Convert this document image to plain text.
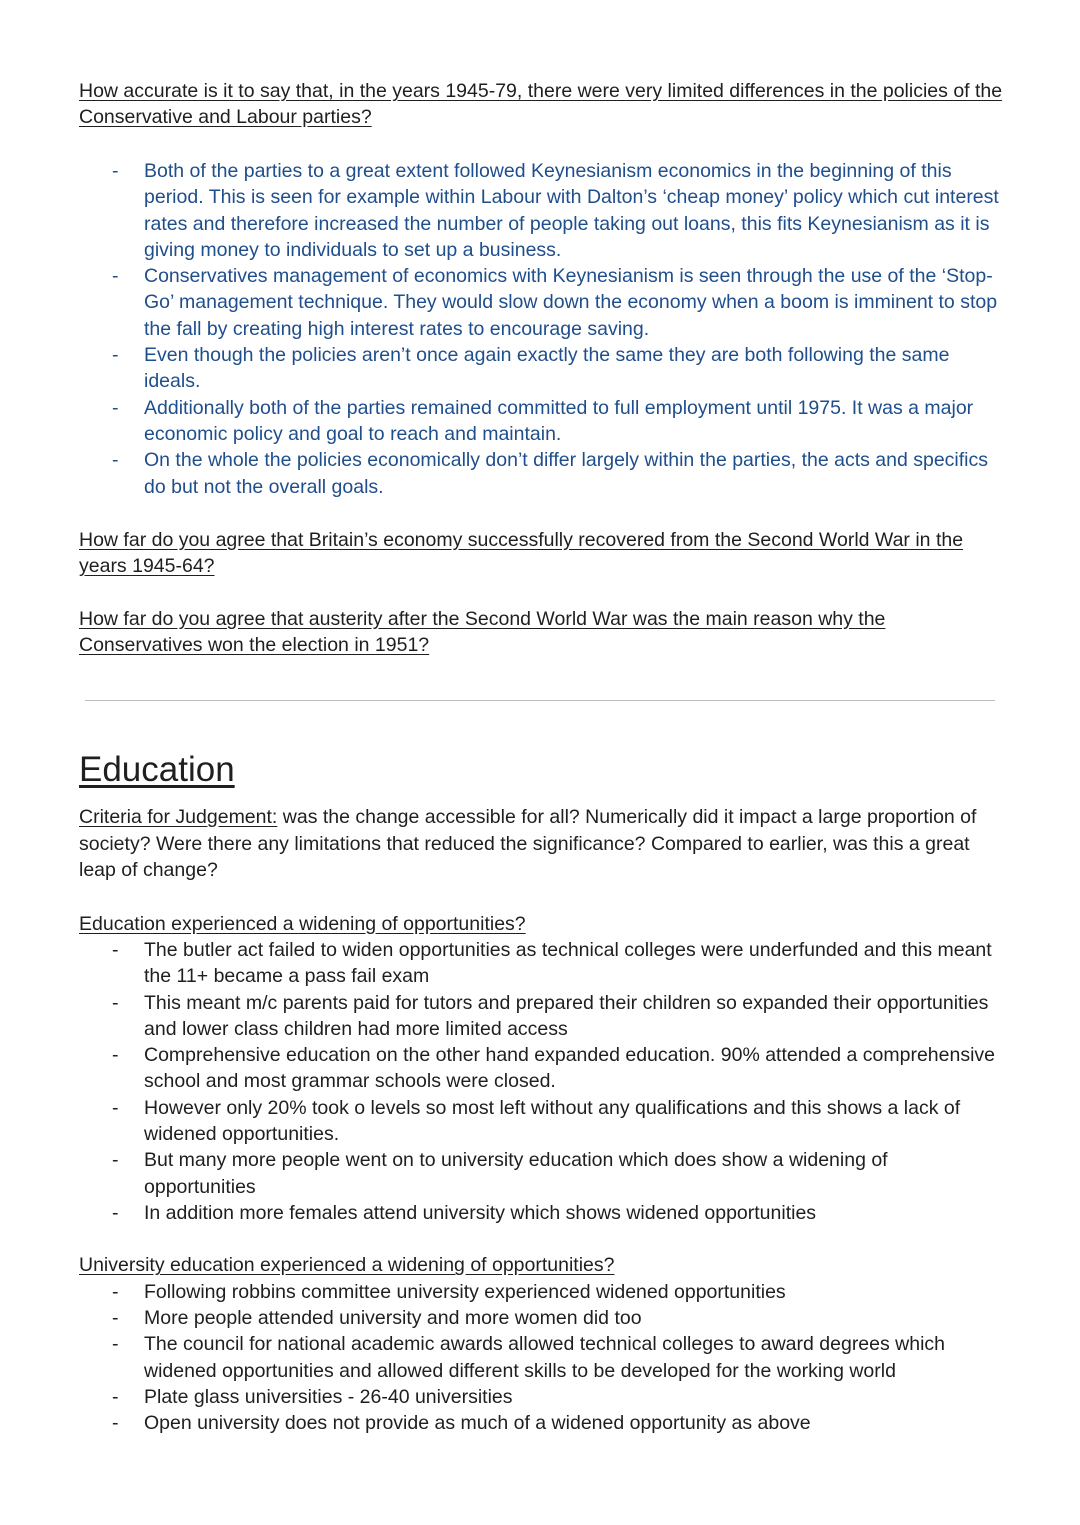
How accurate is it to say that, in the years 1945-79, there were very limited differences in the policies of the Conservative and Labour parties?

- Both of the parties to a great extent followed Keynesianism economics in the beginning of this period. This is seen for example within Labour with Dalton’s ‘cheap money’ policy which cut interest rates and therefore increased the number of people taking out loans, this fits Keynesianism as it is giving money to individuals to set up a business.
- Conservatives management of economics with Keynesianism is seen through the use of the ‘Stop-Go’ management technique. They would slow down the economy when a boom is imminent to stop the fall by creating high interest rates to encourage saving.
- Even though the policies aren’t once again exactly the same they are both following the same ideals.
- Additionally both of the parties remained committed to full employment until 1975. It was a major economic policy and goal to reach and maintain.
- On the whole the policies economically don’t differ largely within the parties, the acts and specifics do but not the overall goals.

How far do you agree that Britain’s economy successfully recovered from the Second World War in the years 1945-64?

How far do you agree that austerity after the Second World War was the main reason why the Conservatives won the election in 1951?

Education

Criteria for Judgement: was the change accessible for all? Numerically did it impact a large proportion of society? Were there any limitations that reduced the significance? Compared to earlier, was this a great leap of change?

Education experienced a widening of opportunities?

- The butler act failed to widen opportunities as technical colleges were underfunded and this meant the 11+ became a pass fail exam
- This meant m/c parents paid for tutors and prepared their children so expanded their opportunities and lower class children had more limited access
- Comprehensive education on the other hand expanded education. 90% attended a comprehensive school and most grammar schools were closed.
- However only 20% took o levels so most left without any qualifications and this shows a lack of widened opportunities.
- But many more people went on to university education which does show a widening of opportunities
- In addition more females attend university which shows widened opportunities

University education experienced a widening of opportunities?

- Following robbins committee university experienced widened opportunities
- More people attended university and more women did too
- The council for national academic awards allowed technical colleges to award degrees which widened opportunities and allowed different skills to be developed for the working world
- Plate glass universities - 26-40 universities
- Open university does not provide as much of a widened opportunity as above
